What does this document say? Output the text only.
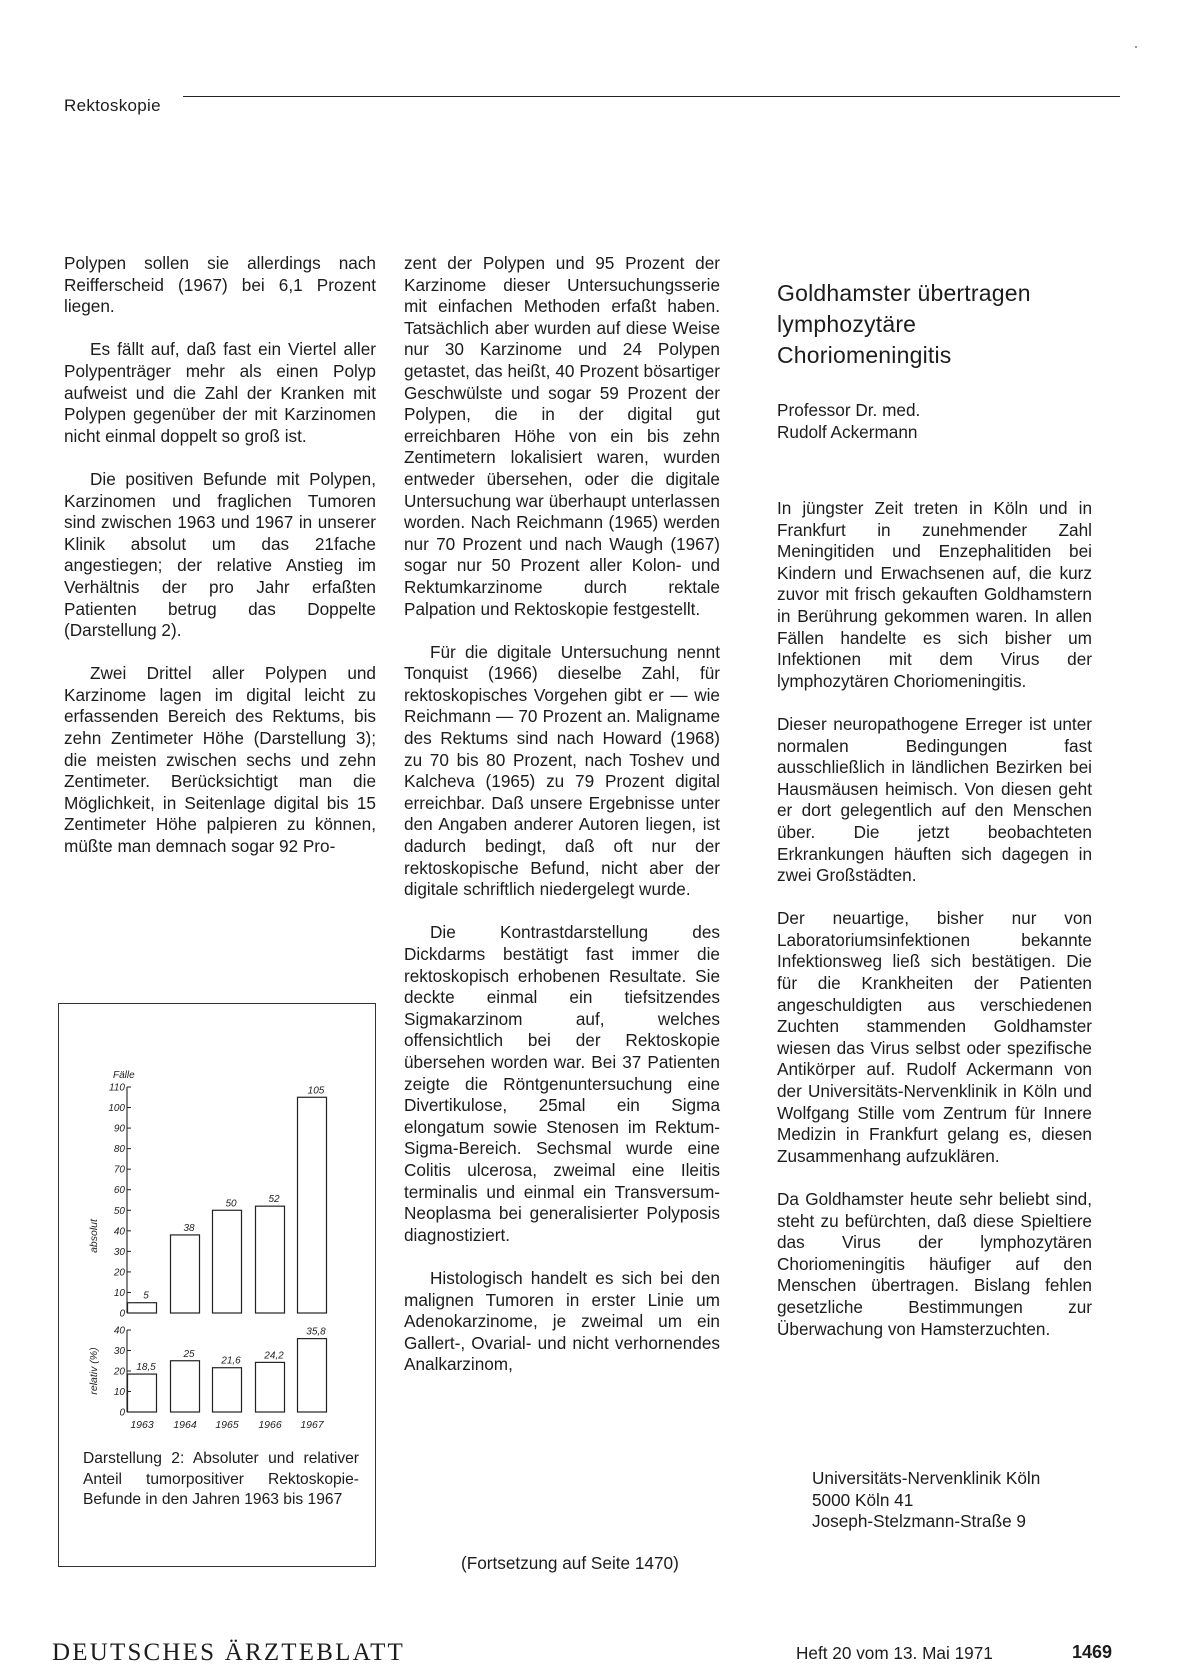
Rektoskopie

Polypen sollen sie allerdings nach Reifferscheid (1967) bei 6,1 Prozent liegen.

Es fällt auf, daß fast ein Viertel aller Polypenträger mehr als einen Polyp aufweist und die Zahl der Kranken mit Polypen gegenüber der mit Karzinomen nicht einmal doppelt so groß ist.

Die positiven Befunde mit Polypen, Karzinomen und fraglichen Tumoren sind zwischen 1963 und 1967 in unserer Klinik absolut um das 21fache angestiegen; der relative Anstieg im Verhältnis der pro Jahr erfaßten Patienten betrug das Doppelte (Darstellung 2).

Zwei Drittel aller Polypen und Karzinome lagen im digital leicht zu erfassenden Bereich des Rektums, bis zehn Zentimeter Höhe (Darstellung 3); die meisten zwischen sechs und zehn Zentimeter. Berücksichtigt man die Möglichkeit, in Seitenlage digital bis 15 Zentimeter Höhe palpieren zu können, müßte man demnach sogar 92 Pro-

0
10
20
30
40
50
60
70
80
90
100
110
5
38
50	52
105
absolut
0
10
20
30
40
18,5
25
21,6 24,2
35,8
relativ (%)
Fälle
1963 1964 1965 1966 1967
Darstellung 2: Absoluter und relativer Anteil tumorpositiver Rektoskopie-Befunde in den Jahren 1963 bis 1967

zent der Polypen und 95 Prozent der Karzinome dieser Untersuchungsserie mit einfachen Methoden erfaßt haben. Tatsächlich aber wurden auf diese Weise nur 30 Karzinome und 24 Polypen getastet, das heißt, 40 Prozent bösartiger Geschwülste und sogar 59 Prozent der Polypen, die in der digital gut erreichbaren Höhe von ein bis zehn Zentimetern lokalisiert waren, wurden entweder übersehen, oder die digitale Untersuchung war überhaupt unterlassen worden. Nach Reichmann (1965) werden nur 70 Prozent und nach Waugh (1967) sogar nur 50 Prozent aller Kolon- und Rektumkarzinome durch rektale Palpation und Rektoskopie festgestellt.

Für die digitale Untersuchung nennt Tonquist (1966) dieselbe Zahl, für rektoskopisches Vorgehen gibt er — wie Reichmann — 70 Prozent an. Maligname des Rektums sind nach Howard (1968) zu 70 bis 80 Prozent, nach Toshev und Kalcheva (1965) zu 79 Prozent digital erreichbar. Daß unsere Ergebnisse unter den Angaben anderer Autoren liegen, ist dadurch bedingt, daß oft nur der rektoskopische Befund, nicht aber der digitale schriftlich niedergelegt wurde.

Die Kontrastdarstellung des Dickdarms bestätigt fast immer die rektoskopisch erhobenen Resultate. Sie deckte einmal ein tiefsitzendes Sigmakarzinom auf, welches offensichtlich bei der Rektoskopie übersehen worden war. Bei 37 Patienten zeigte die Röntgenuntersuchung eine Divertikulose, 25mal ein Sigma elongatum sowie Stenosen im Rektum-Sigma-Bereich. Sechsmal wurde eine Colitis ulcerosa, zweimal eine Ileitis terminalis und einmal ein Transversum-Neoplasma bei generalisierter Polyposis diagnostiziert.

Histologisch handelt es sich bei den malignen Tumoren in erster Linie um Adenokarzinome, je zweimal um ein Gallert-, Ovarial- und nicht verhornendes Analkarzinom,

(Fortsetzung auf Seite 1470)
Goldhamster übertragen
lymphozytäre
Choriomeningitis
Professor Dr. med.
Rudolf Ackermann

In jüngster Zeit treten in Köln und in Frankfurt in zunehmender Zahl Meningitiden und Enzephalitiden bei Kindern und Erwachsenen auf, die kurz zuvor mit frisch gekauften Goldhamstern in Berührung gekommen waren. In allen Fällen handelte es sich bisher um Infektionen mit dem Virus der lymphozytären Choriomeningitis.

Dieser neuropathogene Erreger ist unter normalen Bedingungen fast ausschließlich in ländlichen Bezirken bei Hausmäusen heimisch. Von diesen geht er dort gelegentlich auf den Menschen über. Die jetzt beobachteten Erkrankungen häuften sich dagegen in zwei Großstädten.

Der neuartige, bisher nur von Laboratoriumsinfektionen bekannte Infektionsweg ließ sich bestätigen. Die für die Krankheiten der Patienten angeschuldigten aus verschiedenen Zuchten stammenden Goldhamster wiesen das Virus selbst oder spezifische Antikörper auf. Rudolf Ackermann von der Universitäts-Nervenklinik in Köln und Wolfgang Stille vom Zentrum für Innere Medizin in Frankfurt gelang es, diesen Zusammenhang aufzuklären.

Da Goldhamster heute sehr beliebt sind, steht zu befürchten, daß diese Spieltiere das Virus der lymphozytären Choriomeningitis häufiger auf den Menschen übertragen. Bislang fehlen gesetzliche Bestimmungen zur Überwachung von Hamsterzuchten.

Universitäts-Nervenklinik Köln
5000 Köln 41
Joseph-Stelzmann-Straße 9
DEUTSCHES ÄRZTEBLATT	Heft 20 vom 13. Mai 1971	1469
